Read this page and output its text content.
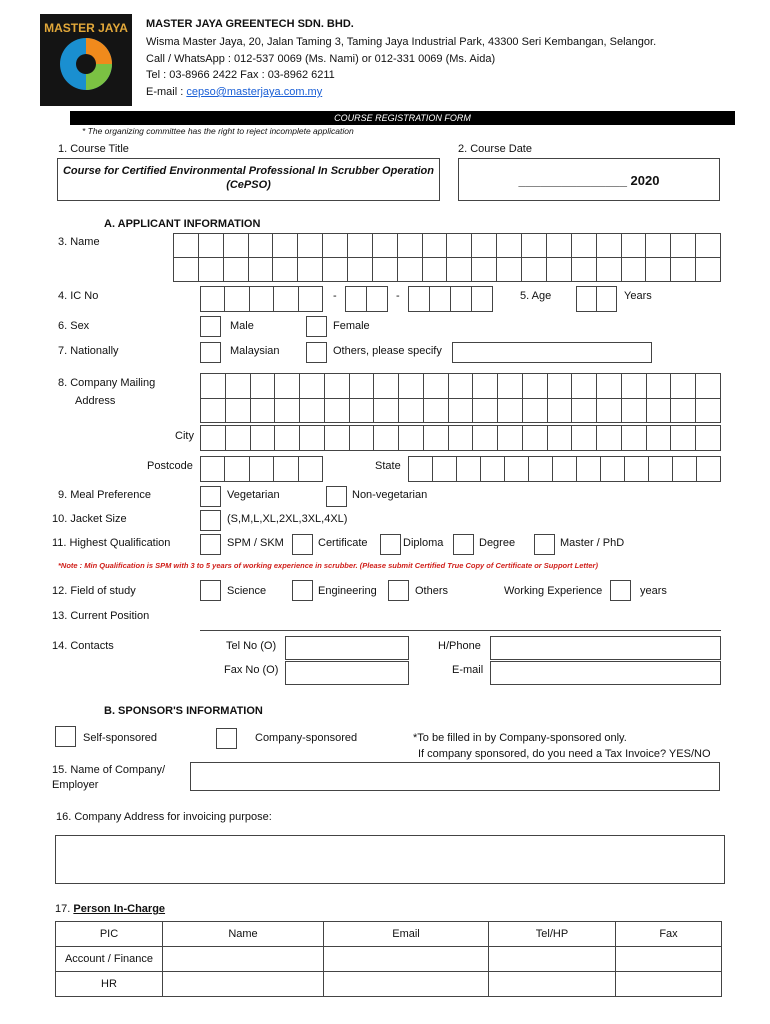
MASTER JAYA MASTER JAYA GREENTECH SDN. BHD.
Wisma Master Jaya, 20, Jalan Taming 3, Taming Jaya Industrial Park, 43300 Seri Kembangan, Selangor.
Call / WhatsApp : 012-537 0069 (Ms. Nami) or 012-331 0069 (Ms. Aida)
Tel : 03-8966 2422 Fax : 03-8962 6211
E-mail : cepso@masterjaya.com.my
COURSE REGISTRATION FORM
* The organizing committee has the right to reject incomplete application
1. Course Title	2. Course Date
Course for Certified Environmental Professional In Scrubber Operation
(CePSO)	_______________ 2020
A. APPLICANT INFORMATION
3. Name
4. IC No	-	-	5. Age	Years
6. Sex	Male	Female
7. Nationally	Malaysian	Others, please specify
8. Company Mailing
Address
City
Postcode	State
9. Meal Preference	Vegetarian	Non-vegetarian
10. Jacket Size	(S,M,L,XL,2XL,3XL,4XL)
11. Highest Qualification	SPM / SKM	Certificate	Diploma	Degree	Master / PhD
*Note : Min Qualification is SPM with 3 to 5 years of working experience in scrubber. (Please submit Certified True Copy of Certificate or Support Letter)
12. Field of study	Science	Engineering	Others	Working Experience	years
13. Current Position
14. Contacts	Tel No (O)	H/Phone
Fax No (O)	E-mail
B. SPONSOR'S INFORMATION
Self-sponsored	Company-sponsored	*To be filled in by Company-sponsored only.
If company sponsored, do you need a Tax Invoice? YES/NO
15. Name of Company/
Employer
16. Company Address for invoicing purpose:
17. Person In-Charge
PIC	Name	Email	Tel/HP	Fax
Account / Finance				
HR				
